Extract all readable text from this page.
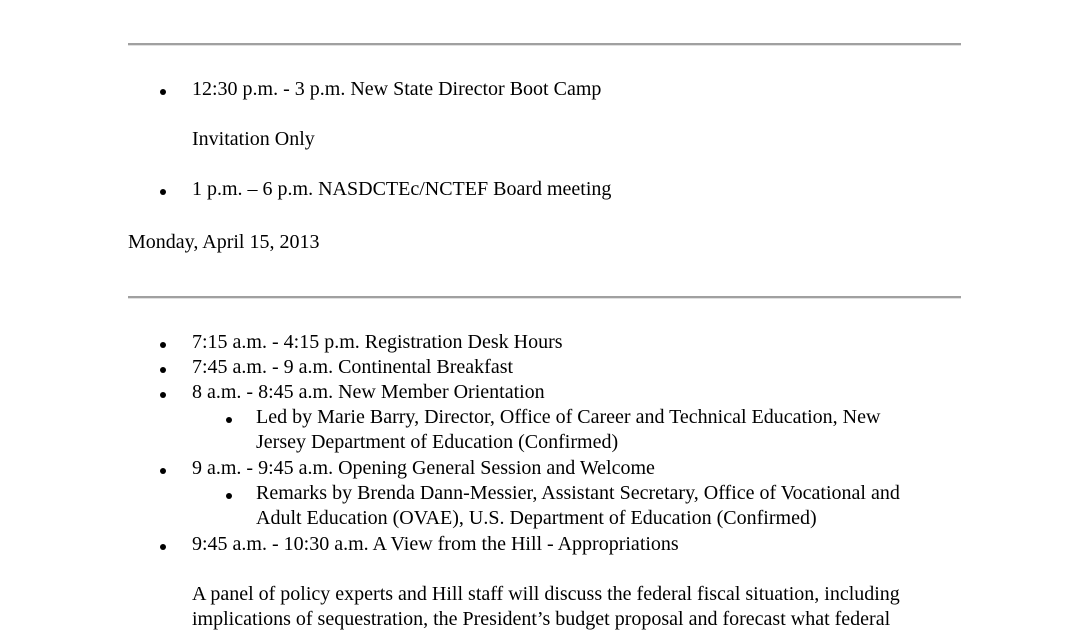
12:30 p.m. - 3 p.m. New State Director Boot Camp
Invitation Only
1 p.m. – 6 p.m. NASDCTEc/NCTEF Board meeting
Monday, April 15, 2013
7:15 a.m. - 4:15 p.m. Registration Desk Hours
7:45 a.m. - 9 a.m. Continental Breakfast
8 a.m. - 8:45 a.m. New Member Orientation
Led by Marie Barry, Director, Office of Career and Technical Education, New
Jersey Department of Education (Confirmed)
9 a.m. - 9:45 a.m. Opening General Session and Welcome
Remarks by Brenda Dann-Messier, Assistant Secretary, Office of Vocational and
Adult Education (OVAE), U.S. Department of Education (Confirmed)
9:45 a.m. - 10:30 a.m. A View from the Hill - Appropriations
A panel of policy experts and Hill staff will discuss the federal fiscal situation, including
implications of sequestration, the President’s budget proposal and forecast what federal
